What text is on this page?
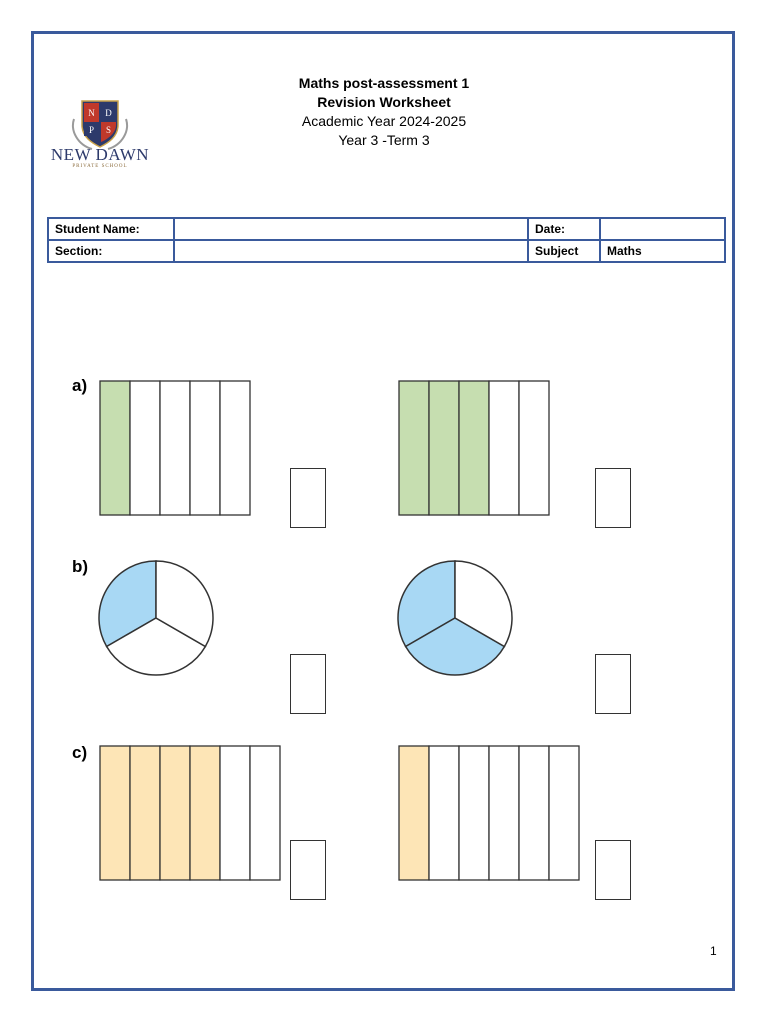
N D
P S
NEW DAWN
PRIVATE SCHOOL
Maths post-assessment 1
Revision Worksheet
Academic Year 2024-2025
Year 3 -Term 3
Student Name:		Date:	
Section:		Subject	Maths
a)
b)
c)
1
